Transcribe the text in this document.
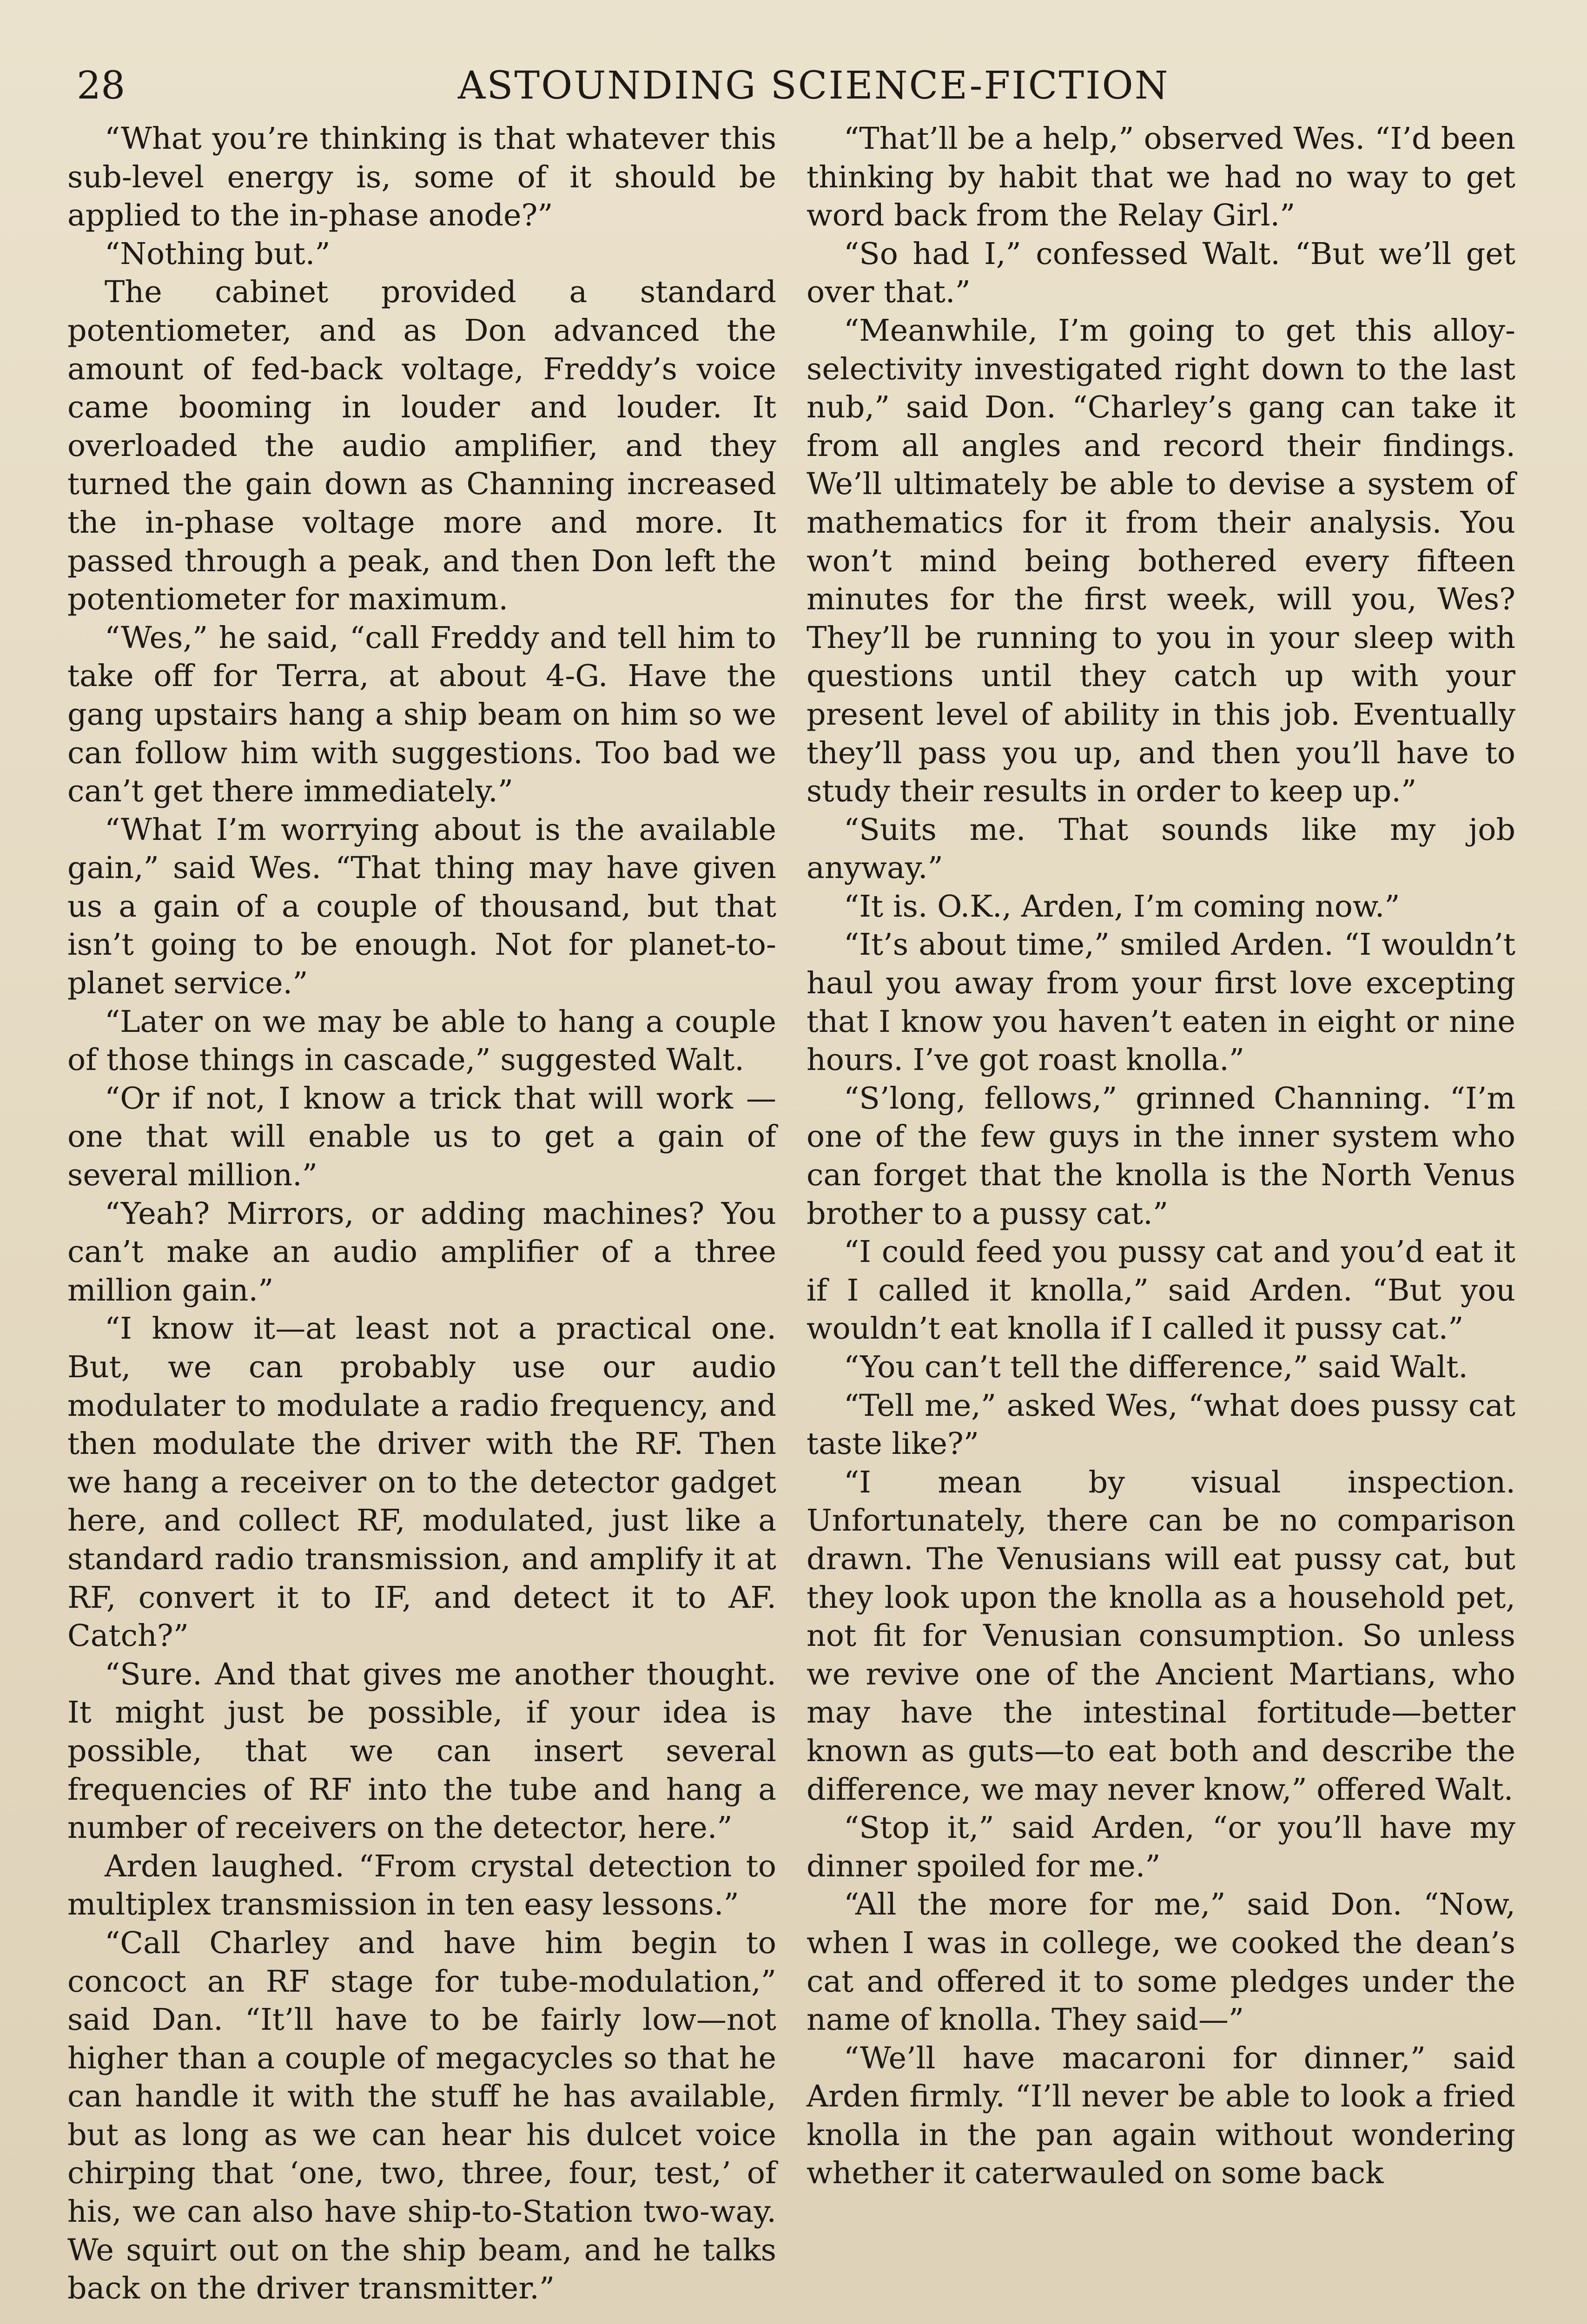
28	ASTOUNDING SCIENCE-FICTION

“What you’re thinking is that whatever this sub-level energy is, some of it should be applied to the in-phase anode?”

“Nothing but.”

The cabinet provided a standard potentiometer, and as Don advanced the amount of fed-back voltage, Freddy’s voice came booming in louder and louder. It overloaded the audio amplifier, and they turned the gain down as Channing increased the in-phase voltage more and more. It passed through a peak, and then Don left the potentiometer for maximum.

“Wes,” he said, “call Freddy and tell him to take off for Terra, at about 4-G. Have the gang upstairs hang a ship beam on him so we can follow him with suggestions. Too bad we can’t get there immediately.”

“What I’m worrying about is the available gain,” said Wes. “That thing may have given us a gain of a couple of thousand, but that isn’t going to be enough. Not for planet-to-planet service.”

“Later on we may be able to hang a couple of those things in cascade,” suggested Walt.

“Or if not, I know a trick that will work —one that will enable us to get a gain of several million.”

“Yeah? Mirrors, or adding machines? You can’t make an audio amplifier of a three million gain.”

“I know it—at least not a practical one. But, we can probably use our audio modulater to modulate a radio frequency, and then modulate the driver with the RF. Then we hang a receiver on to the detector gadget here, and collect RF, modulated, just like a standard radio transmission, and amplify it at RF, convert it to IF, and detect it to AF. Catch?”

“Sure. And that gives me another thought. It might just be possible, if your idea is possible, that we can insert several frequencies of RF into the tube and hang a number of receivers on the detector, here.”

Arden laughed. “From crystal detection to multiplex transmission in ten easy lessons.”

“Call Charley and have him begin to concoct an RF stage for tube-modulation,” said Dan. “It’ll have to be fairly low—not higher than a couple of megacycles so that he can handle it with the stuff he has available, but as long as we can hear his dulcet voice chirping that ‘one, two, three, four, test,’ of his, we can also have ship-to-Station two-way. We squirt out on the ship beam, and he talks back on the driver transmitter.”

“That’ll be a help,” observed Wes. “I’d been thinking by habit that we had no way to get word back from the Relay Girl.”

“So had I,” confessed Walt. “But we’ll get over that.”

“Meanwhile, I’m going to get this alloy-selectivity investigated right down to the last nub,” said Don. “Charley’s gang can take it from all angles and record their findings. We’ll ultimately be able to devise a system of mathematics for it from their analysis. You won’t mind being bothered every fifteen minutes for the first week, will you, Wes? They’ll be running to you in your sleep with questions until they catch up with your present level of ability in this job. Eventually they’ll pass you up, and then you’ll have to study their results in order to keep up.”

“Suits me. That sounds like my job anyway.”

“It is. O.K., Arden, I’m coming now.”

“It’s about time,” smiled Arden. “I wouldn’t haul you away from your first love excepting that I know you haven’t eaten in eight or nine hours. I’ve got roast knolla.”

“S’long, fellows,” grinned Channing. “I’m one of the few guys in the inner system who can forget that the knolla is the North Venus brother to a pussy cat.”

“I could feed you pussy cat and you’d eat it if I called it knolla,” said Arden. “But you wouldn’t eat knolla if I called it pussy cat.”

“You can’t tell the difference,” said Walt.

“Tell me,” asked Wes, “what does pussy cat taste like?”

“I mean by visual inspection. Unfortunately, there can be no comparison drawn. The Venusians will eat pussy cat, but they look upon the knolla as a household pet, not fit for Venusian consumption. So unless we revive one of the Ancient Martians, who may have the intestinal fortitude—better known as guts—to eat both and describe the difference, we may never know,” offered Walt.

“Stop it,” said Arden, “or you’ll have my dinner spoiled for me.”

“All the more for me,” said Don. “Now, when I was in college, we cooked the dean’s cat and offered it to some pledges under the name of knolla. They said—”

“We’ll have macaroni for dinner,” said Arden firmly. “I’ll never be able to look a fried knolla in the pan again without wondering whether it caterwauled on some back
